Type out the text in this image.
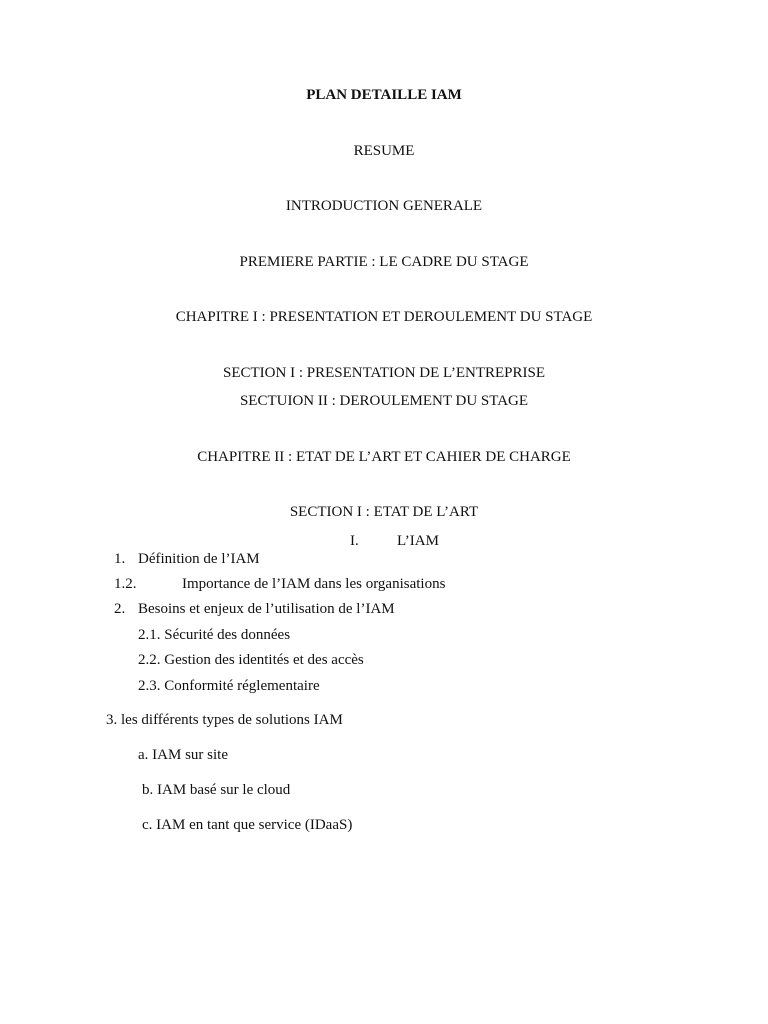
PLAN DETAILLE IAM
RESUME
INTRODUCTION GENERALE
PREMIERE PARTIE : LE CADRE DU STAGE
CHAPITRE I : PRESENTATION ET DEROULEMENT DU STAGE
SECTION I : PRESENTATION DE L’ENTREPRISE
SECTUION II : DEROULEMENT DU STAGE
CHAPITRE II : ETAT DE L’ART ET CAHIER DE CHARGE
SECTION I : ETAT DE L’ART
I.	L’IAM
1. Définition de l’IAM
1.2.	Importance de l’IAM dans les organisations
2. Besoins et enjeux de l’utilisation de l’IAM
2.1. Sécurité des données
2.2. Gestion des identités et des accès
2.3. Conformité réglementaire
3. les différents types de solutions IAM
a. IAM sur site
b. IAM basé sur le cloud
c. IAM en tant que service (IDaaS)
